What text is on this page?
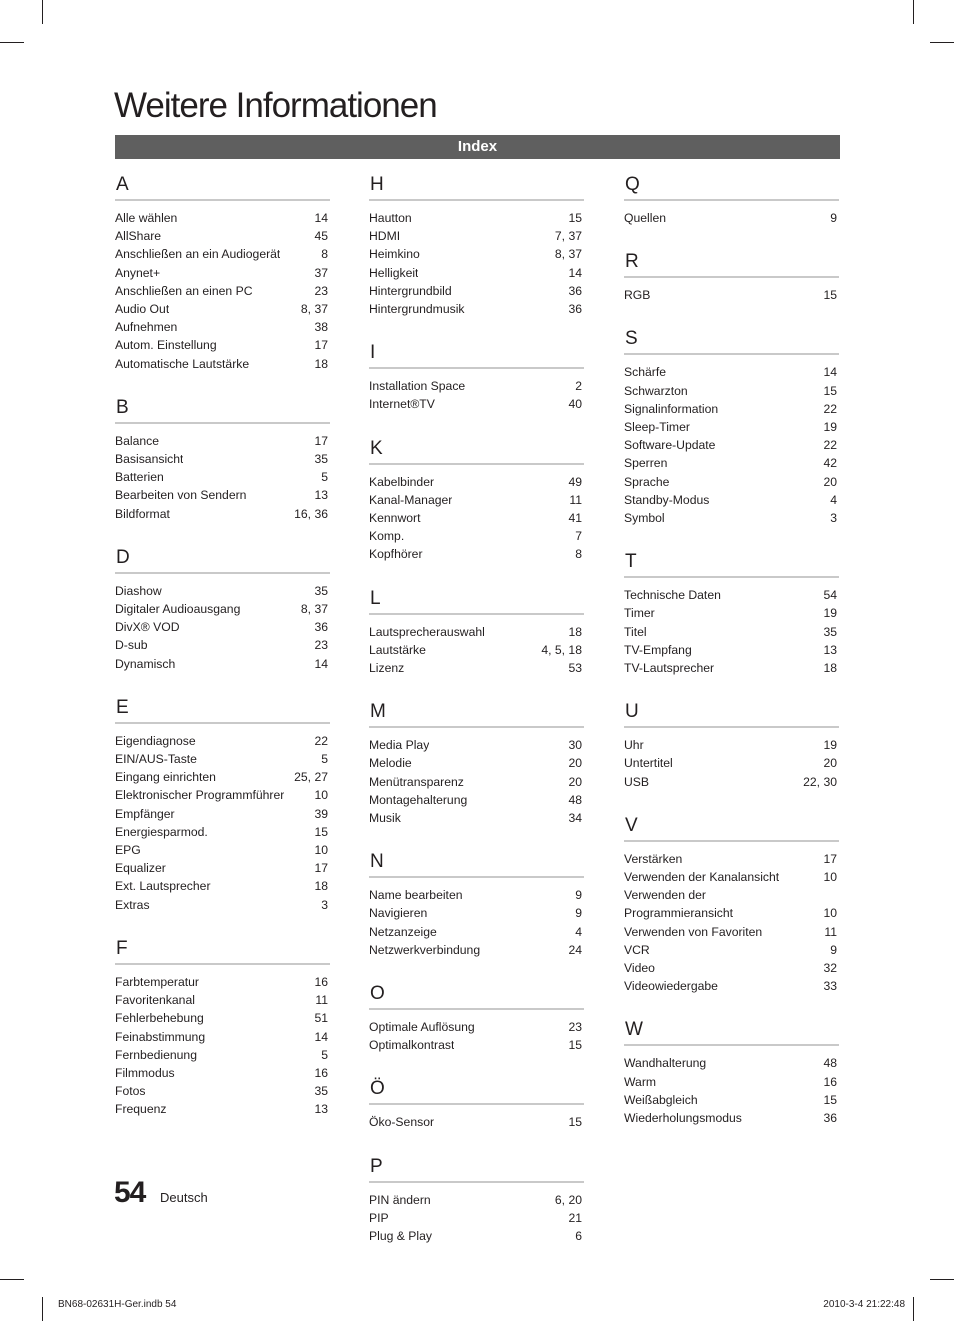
Weitere Informationen
Index
A
Alle wählen	14
AllShare	45
Anschließen an ein Audiogerät	8
Anynet+	37
Anschließen an einen PC	23
Audio Out	8, 37
Aufnehmen	38
Autom. Einstellung	17
Automatische Lautstärke	18
B
Balance	17
Basisansicht	35
Batterien	5
Bearbeiten von Sendern	13
Bildformat	16, 36
D
Diashow	35
Digitaler Audioausgang	8, 37
DivX® VOD	36
D-sub	23
Dynamisch	14
E
Eigendiagnose	22
EIN/AUS-Taste	5
Eingang einrichten	25, 27
Elektronischer Programmführer	10
Empfänger	39
Energiesparmod.	15
EPG	10
Equalizer	17
Ext. Lautsprecher	18
Extras	3
F
Farbtemperatur	16
Favoritenkanal	11
Fehlerbehebung	51
Feinabstimmung	14
Fernbedienung	5
Filmmodus	16
Fotos	35
Frequenz	13
H
Hautton	15
HDMI	7, 37
Heimkino	8, 37
Helligkeit	14
Hintergrundbild	36
Hintergrundmusik	36
I
Installation Space	2
Internet®TV	40
K
Kabelbinder	49
Kanal-Manager	11
Kennwort	41
Komp.	7
Kopfhörer	8
L
Lautsprecherauswahl	18
Lautstärke	4, 5, 18
Lizenz	53
M
Media Play	30
Melodie	20
Menütransparenz	20
Montagehalterung	48
Musik	34
N
Name bearbeiten	9
Navigieren	9
Netzanzeige	4
Netzwerkverbindung	24
O
Optimale Auflösung	23
Optimalkontrast	15
Ö
Öko-Sensor	15
P
PIN ändern	6, 20
PIP	21
Plug & Play	6
Q
Quellen	9
R
RGB	15
S
Schärfe	14
Schwarzton	15
Signalinformation	22
Sleep-Timer	19
Software-Update	22
Sperren	42
Sprache	20
Standby-Modus	4
Symbol	3
T
Technische Daten	54
Timer	19
Titel	35
TV-Empfang	13
TV-Lautsprecher	18
U
Uhr	19
Untertitel	20
USB	22, 30
V
Verstärken	17
Verwenden der Kanalansicht	10
Verwenden der
Programmieransicht	10
Verwenden von Favoriten	11
VCR	9
Video	32
Videowiedergabe	33
W
Wandhalterung	48
Warm	16
Weißabgleich	15
Wiederholungsmodus	36
54 Deutsch
BN68-02631H-Ger.indb 54	2010-3-4 21:22:48
